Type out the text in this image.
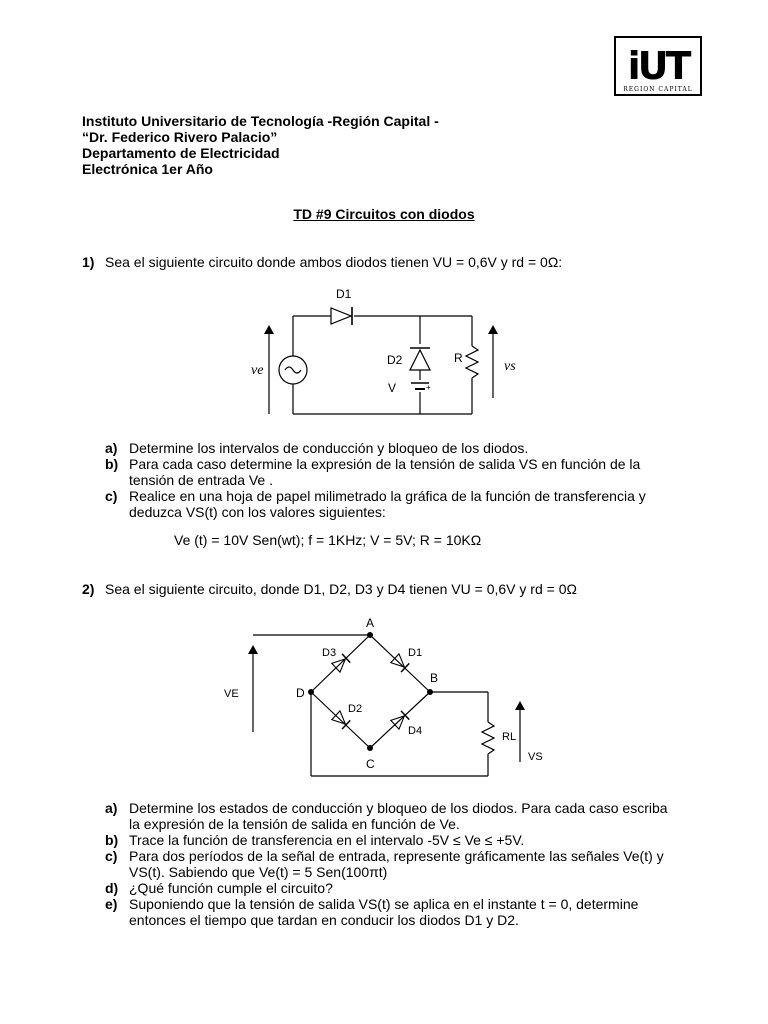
iUT
REGION CAPITAL
Instituto Universitario de Tecnología -Región Capital -
“Dr. Federico Rivero Palacio”
Departamento de Electricidad
Electrónica 1er Año
TD #9 Circuitos con diodos
1) Sea el siguiente circuito donde ambos diodos tienen VU = 0,6V y rd = 0Ω:
+
D1
D2
V
R
ve	vs
a) Determine los intervalos de conducción y bloqueo de los diodos.
b) Para cada caso determine la expresión de la tensión de salida VS en función de la
tensión de entrada Ve .
c) Realice en una hoja de papel milimetrado la gráfica de la función de transferencia y
deduzca VS(t) con los valores siguientes:
Ve (t) = 10V Sen(wt); f = 1KHz; V = 5V; R = 10KΩ
2) Sea el siguiente circuito, donde D1, D2, D3 y D4 tienen VU = 0,6V y rd = 0Ω
A
B
C
D
D3	D1
D2
D4	RL
VE
VS
a) Determine los estados de conducción y bloqueo de los diodos. Para cada caso escriba
la expresión de la tensión de salida en función de Ve.
b) Trace la función de transferencia en el intervalo -5V ≤ Ve ≤ +5V.
c) Para dos períodos de la señal de entrada, represente gráficamente las señales Ve(t) y
VS(t). Sabiendo que Ve(t) = 5 Sen(100πt)
d) ¿Qué función cumple el circuito?
e) Suponiendo que la tensión de salida VS(t) se aplica en el instante t = 0, determine
entonces el tiempo que tardan en conducir los diodos D1 y D2.
